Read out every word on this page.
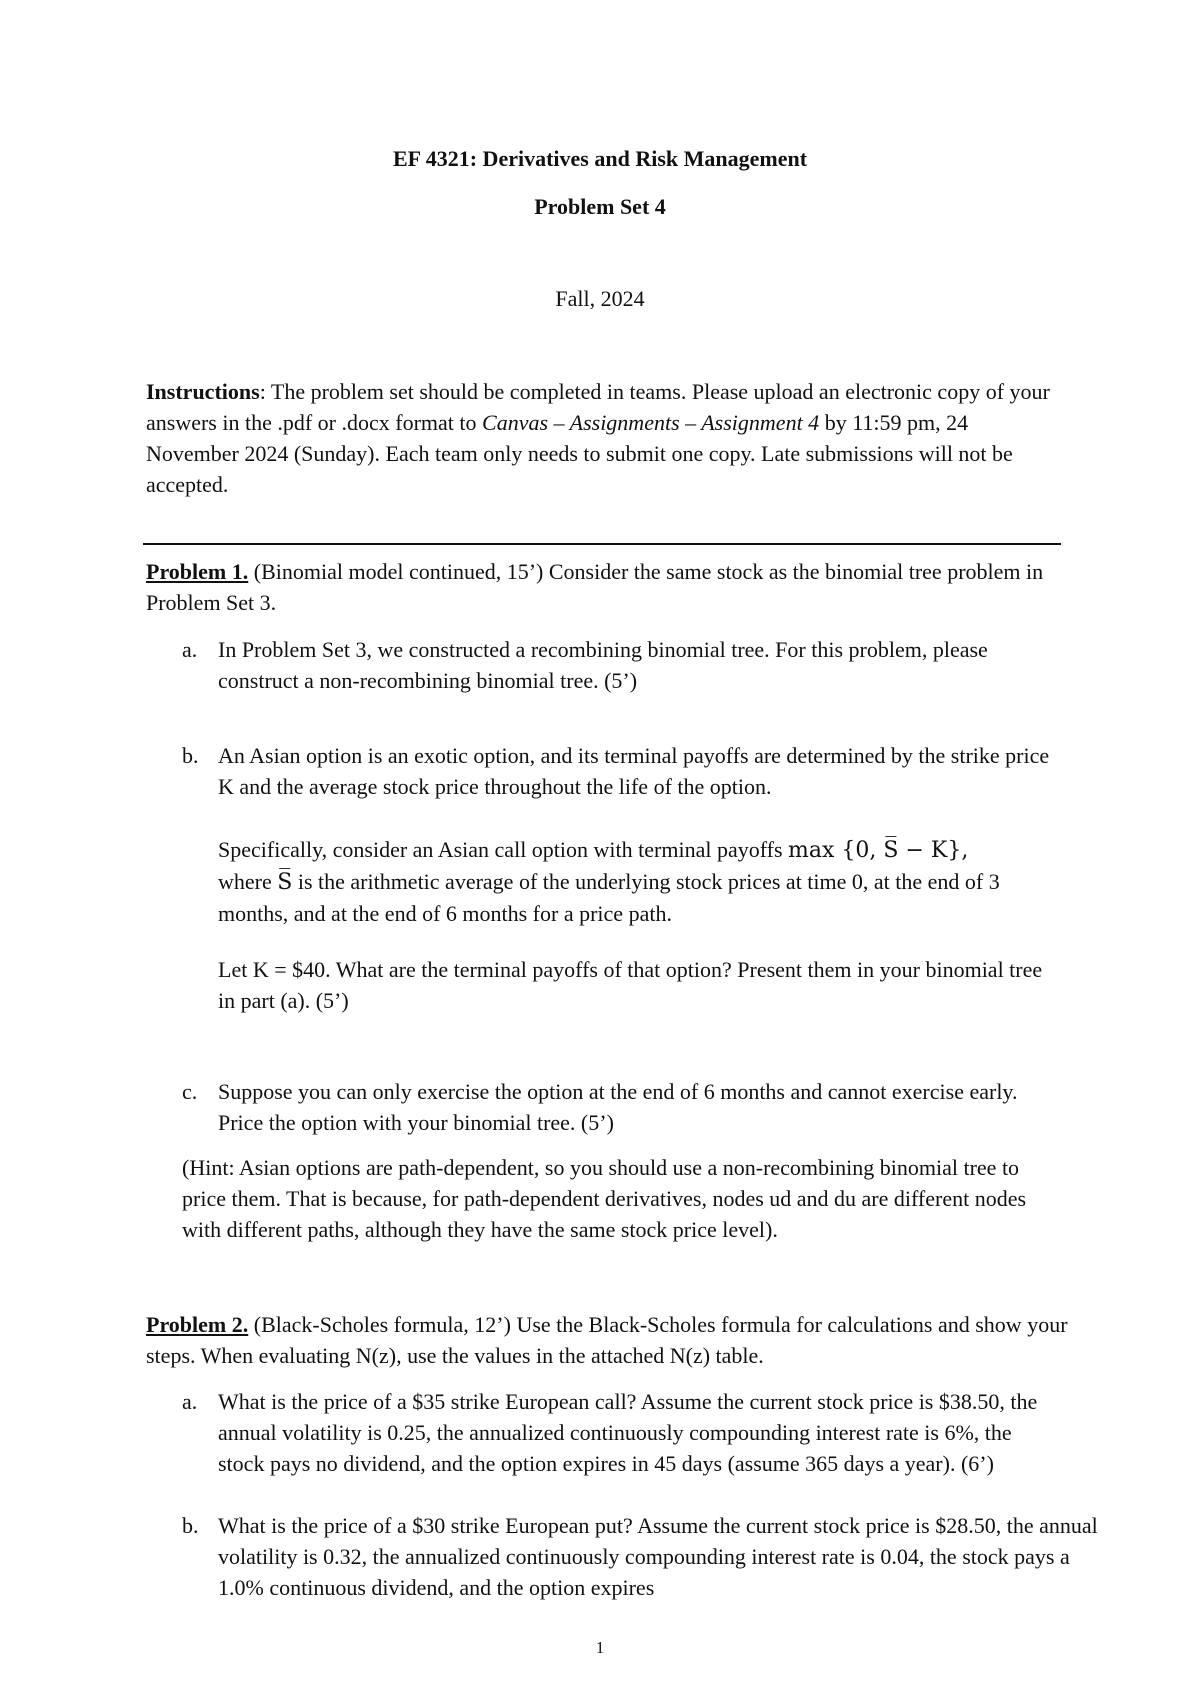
EF 4321: Derivatives and Risk Management
Problem Set 4
Fall, 2024
Instructions: The problem set should be completed in teams. Please upload an electronic copy of your answers in the .pdf or .docx format to Canvas – Assignments – Assignment 4 by 11:59 pm, 24 November 2024 (Sunday). Each team only needs to submit one copy. Late submissions will not be accepted.
Problem 1. (Binomial model continued, 15’) Consider the same stock as the binomial tree problem in Problem Set 3.
a. In Problem Set 3, we constructed a recombining binomial tree. For this problem, please construct a non-recombining binomial tree. (5’)
b. An Asian option is an exotic option, and its terminal payoffs are determined by the strike price K and the average stock price throughout the life of the option.
Specifically, consider an Asian call option with terminal payoffs max {0, S̅ − K},
where S̅ is the arithmetic average of the underlying stock prices at time 0, at the end of 3 months, and at the end of 6 months for a price path.
Let K = $40. What are the terminal payoffs of that option? Present them in your binomial tree in part (a). (5’)
c. Suppose you can only exercise the option at the end of 6 months and cannot exercise early. Price the option with your binomial tree. (5’)
(Hint: Asian options are path-dependent, so you should use a non-recombining binomial tree to price them. That is because, for path-dependent derivatives, nodes ud and du are different nodes with different paths, although they have the same stock price level).
Problem 2. (Black-Scholes formula, 12’) Use the Black-Scholes formula for calculations and show your steps. When evaluating N(z), use the values in the attached N(z) table.
a. What is the price of a $35 strike European call? Assume the current stock price is $38.50, the annual volatility is 0.25, the annualized continuously compounding interest rate is 6%, the stock pays no dividend, and the option expires in 45 days (assume 365 days a year). (6’)
b. What is the price of a $30 strike European put? Assume the current stock price is $28.50, the annual volatility is 0.32, the annualized continuously compounding interest rate is 0.04, the stock pays a 1.0% continuous dividend, and the option expires
1
